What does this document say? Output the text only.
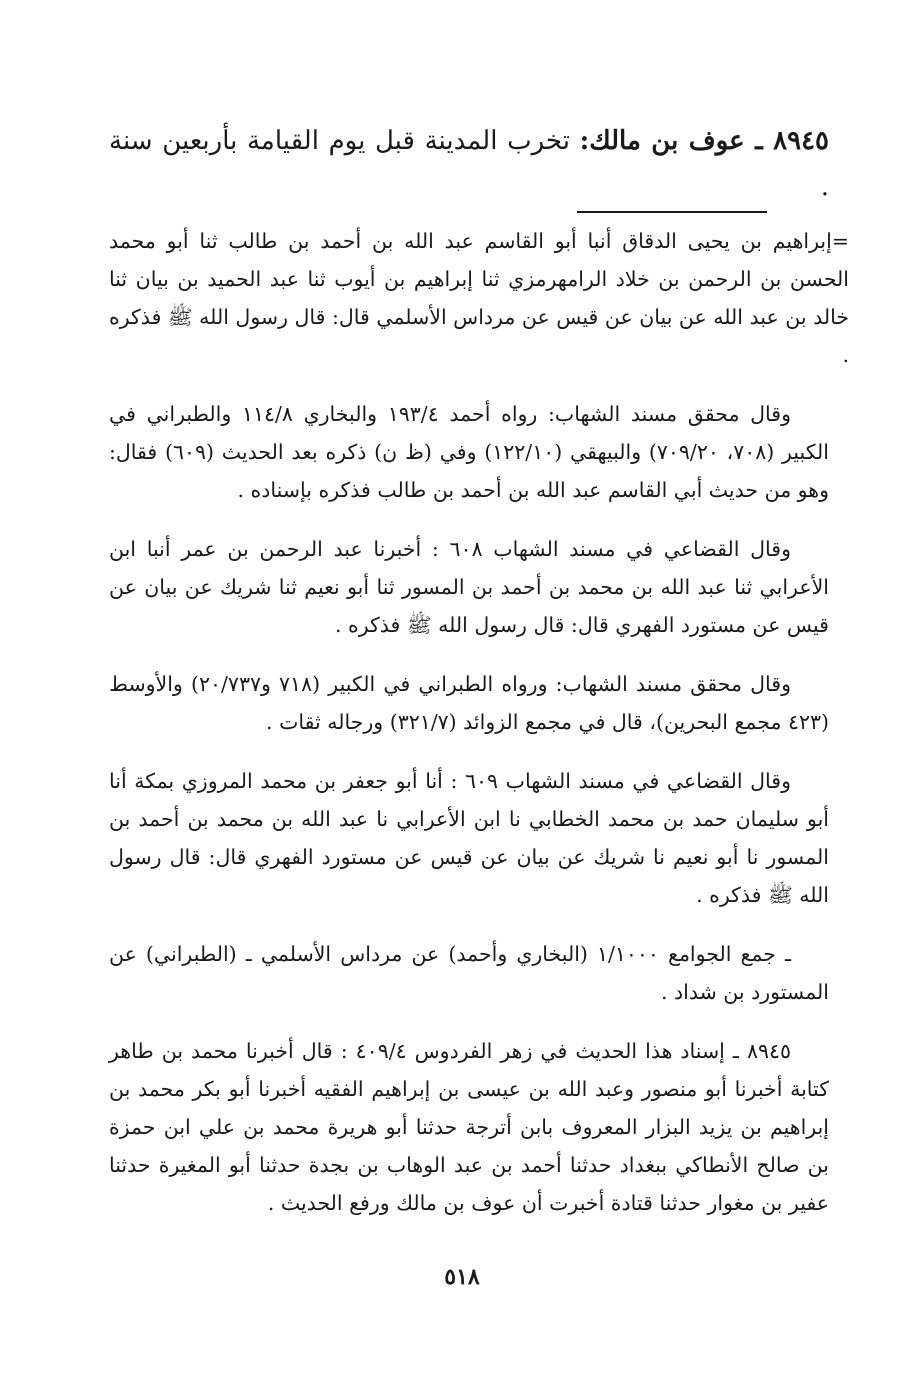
٨٩٤٥ ـ عوف بن مالك: تخرب المدينة قبل يوم القيامة بأربعين سنة .

=إبراهيم بن يحيى الدقاق أنبا أبو القاسم عبد الله بن أحمد بن طالب ثنا أبو محمد الحسن بن الرحمن بن خلاد الرامهرمزي ثنا إبراهيم بن أيوب ثنا عبد الحميد بن بيان ثنا خالد بن عبد الله عن بيان عن قيس عن مرداس الأسلمي قال: قال رسول الله ﷺ فذكره .

وقال محقق مسند الشهاب: رواه أحمد ١٩٣/٤ والبخاري ١١٤/٨ والطبراني في الكبير (٧٠٨، ٧٠٩/٢٠) والبيهقي (١٢٢/١٠) وفي (ظ ن) ذكره بعد الحديث (٦٠٩) فقال: وهو من حديث أبي القاسم عبد الله بن أحمد بن طالب فذكره بإسناده .

وقال القضاعي في مسند الشهاب ٦٠٨ : أخبرنا عبد الرحمن بن عمر أنبا ابن الأعرابي ثنا عبد الله بن محمد بن أحمد بن المسور ثنا أبو نعيم ثنا شريك عن بيان عن قيس عن مستورد الفهري قال: قال رسول الله ﷺ فذكره .

وقال محقق مسند الشهاب: ورواه الطبراني في الكبير (٧١٨ و٢٠/٧٣٧) والأوسط (٤٢٣ مجمع البحرين)، قال في مجمع الزوائد (٣٢١/٧) ورجاله ثقات .

وقال القضاعي في مسند الشهاب ٦٠٩ : أنا أبو جعفر بن محمد المروزي بمكة أنا أبو سليمان حمد بن محمد الخطابي نا ابن الأعرابي نا عبد الله بن محمد بن أحمد بن المسور نا أبو نعيم نا شريك عن بيان عن قيس عن مستورد الفهري قال: قال رسول الله ﷺ فذكره .

ـ جمع الجوامع ١/١٠٠٠ (البخاري وأحمد) عن مرداس الأسلمي ـ (الطبراني) عن المستورد بن شداد .

٨٩٤٥ ـ إسناد هذا الحديث في زهر الفردوس ٤٠٩/٤ : قال أخبرنا محمد بن طاهر كتابة أخبرنا أبو منصور وعبد الله بن عيسى بن إبراهيم الفقيه أخبرنا أبو بكر محمد بن إبراهيم بن يزيد البزار المعروف بابن أترجة حدثنا أبو هريرة محمد بن علي ابن حمزة بن صالح الأنطاكي ببغداد حدثنا أحمد بن عبد الوهاب بن بجدة حدثنا أبو المغيرة حدثنا عفير بن مغوار حدثنا قتادة أخبرت أن عوف بن مالك ورفع الحديث .

٥١٨
